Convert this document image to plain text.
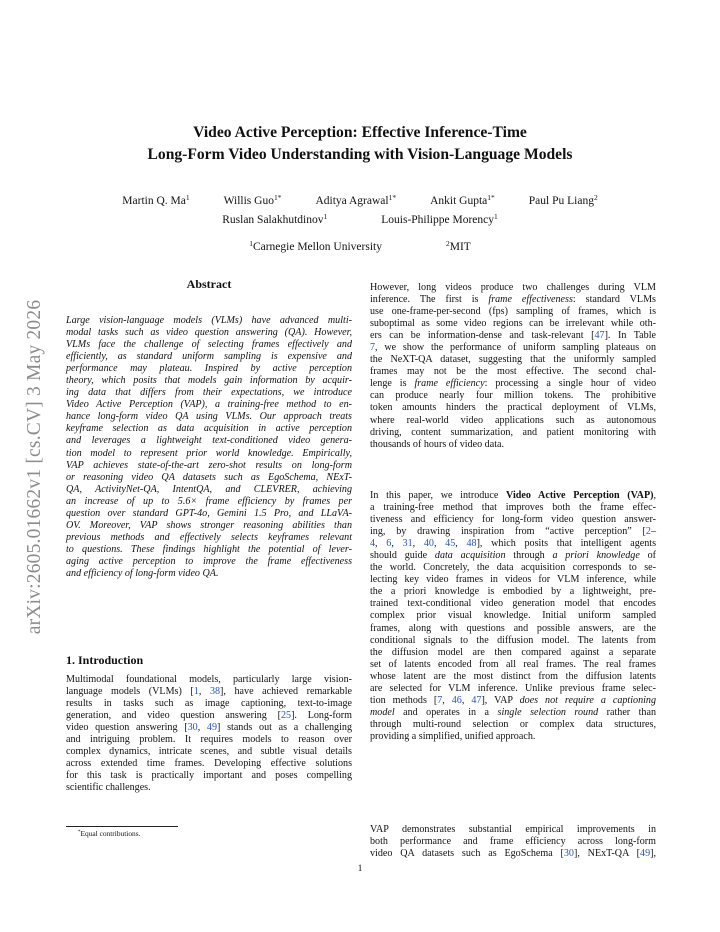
arXiv:2605.01662v1 [cs.CV] 3 May 2026
Video Active Perception: Effective Inference-Time
Long-Form Video Understanding with Vision-Language Models
Martin Q. Ma$^1$	Willis Guo$^{1*}$	Aditya Agrawal$^{1*}$	Ankit Gupta$^{1*}$	Paul Pu Liang$^2$
Ruslan Salakhutdinov$^1$	Louis-Philippe Morency$^1$
$^1$Carnegie Mellon University	$^2$MIT
Abstract
Large vision-language models (VLMs) have advanced multi-
modal tasks such as video question answering (QA). However,
VLMs face the challenge of selecting frames effectively and
efficiently, as standard uniform sampling is expensive and
performance may plateau. Inspired by active perception
theory, which posits that models gain information by acquir-
ing data that differs from their expectations, we introduce
Video Active Perception (VAP), a training-free method to en-
hance long-form video QA using VLMs. Our approach treats
keyframe selection as data acquisition in active perception
and leverages a lightweight text-conditioned video genera-
tion model to represent prior world knowledge. Empirically,
VAP achieves state-of-the-art zero-shot results on long-form
or reasoning video QA datasets such as EgoSchema, NExT-
QA, ActivityNet-QA, IntentQA, and CLEVRER, achieving
an increase of up to 5.6× frame efficiency by frames per
question over standard GPT-4o, Gemini 1.5 Pro, and LLaVA-
OV. Moreover, VAP shows stronger reasoning abilities than
previous methods and effectively selects keyframes relevant
to questions. These findings highlight the potential of lever-
aging active perception to improve the frame effectiveness
and efficiency of long-form video QA.
1. Introduction
Multimodal foundational models, particularly large vision-
language models (VLMs) [1, 38], have achieved remarkable
results in tasks such as image captioning, text-to-image
generation, and video question answering [25]. Long-form
video question answering [30, 49] stands out as a challenging
and intriguing problem. It requires models to reason over
complex dynamics, intricate scenes, and subtle visual details
across extended time frames. Developing effective solutions
for this task is practically important and poses compelling
scientific challenges.
However, long videos produce two challenges during VLM
inference. The first is frame effectiveness: standard VLMs
use one-frame-per-second (fps) sampling of frames, which is
suboptimal as some video regions can be irrelevant while oth-
ers can be information-dense and task-relevant [47]. In Table
7, we show the performance of uniform sampling plateaus on
the NeXT-QA dataset, suggesting that the uniformly sampled
frames may not be the most effective. The second chal-
lenge is frame efficiency: processing a single hour of video
can produce nearly four million tokens. The prohibitive
token amounts hinders the practical deployment of VLMs,
where real-world video applications such as autonomous
driving, content summarization, and patient monitoring with
thousands of hours of video data.
In this paper, we introduce Video Active Perception (VAP),
a training-free method that improves both the frame effec-
tiveness and efficiency for long-form video question answer-
ing, by drawing inspiration from “active perception” [2–
4, 6, 31, 40, 45, 48], which posits that intelligent agents
should guide data acquisition through a priori knowledge of
the world. Concretely, the data acquisition corresponds to se-
lecting key video frames in videos for VLM inference, while
the a priori knowledge is embodied by a lightweight, pre-
trained text-conditional video generation model that encodes
complex prior visual knowledge. Initial uniform sampled
frames, along with questions and possible answers, are the
conditional signals to the diffusion model. The latents from
the diffusion model are then compared against a separate
set of latents encoded from all real frames. The real frames
whose latent are the most distinct from the diffusion latents
are selected for VLM inference. Unlike previous frame selec-
tion methods [7, 46, 47], VAP does not require a captioning
model and operates in a single selection round rather than
through multi-round selection or complex data structures,
providing a simplified, unified approach.
VAP demonstrates substantial empirical improvements in
both performance and frame efficiency across long-form
video QA datasets such as EgoSchema [30], NExT-QA [49],
*Equal contributions.
1
